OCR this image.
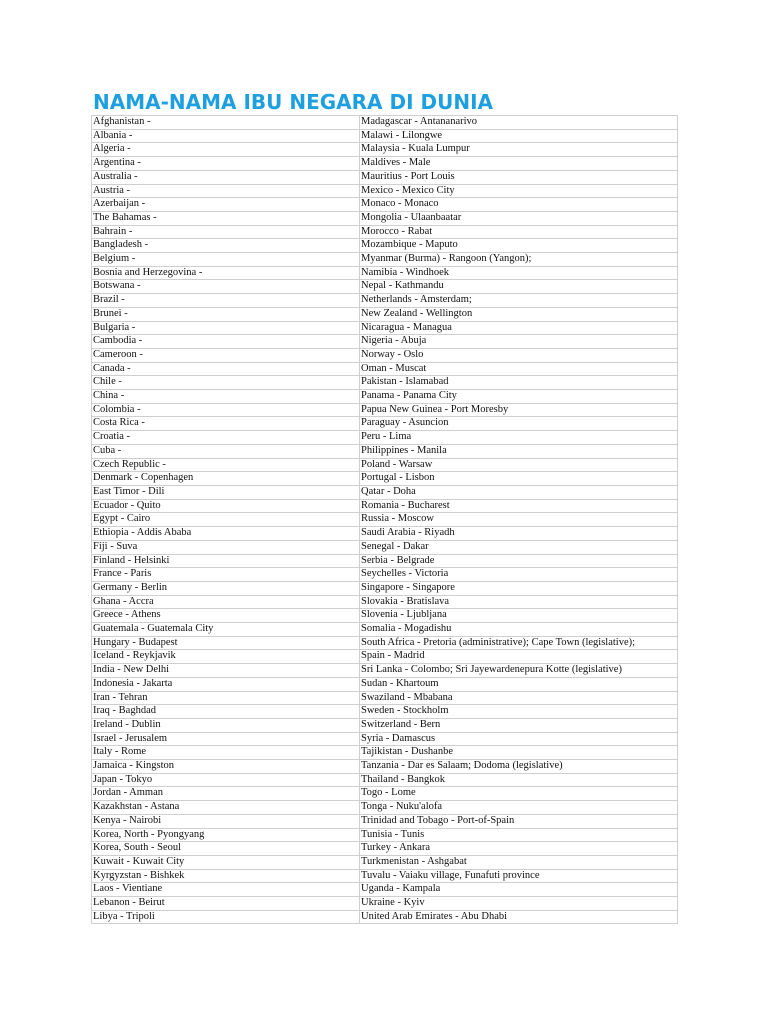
NAMA-NAMA IBU NEGARA DI DUNIA
Afghanistan -	Madagascar - Antananarivo
Albania -	Malawi - Lilongwe
Algeria -	Malaysia - Kuala Lumpur
Argentina -	Maldives - Male
Australia -	Mauritius - Port Louis
Austria -	Mexico - Mexico City
Azerbaijan -	Monaco - Monaco
The Bahamas -	Mongolia - Ulaanbaatar
Bahrain -	Morocco - Rabat
Bangladesh -	Mozambique - Maputo
Belgium -	Myanmar (Burma) - Rangoon (Yangon);
Bosnia and Herzegovina -	Namibia - Windhoek
Botswana -	Nepal - Kathmandu
Brazil -	Netherlands - Amsterdam;
Brunei -	New Zealand - Wellington
Bulgaria -	Nicaragua - Managua
Cambodia -	Nigeria - Abuja
Cameroon -	Norway - Oslo
Canada -	Oman - Muscat
Chile -	Pakistan - Islamabad
China -	Panama - Panama City
Colombia -	Papua New Guinea - Port Moresby
Costa Rica -	Paraguay - Asuncion
Croatia -	Peru - Lima
Cuba -	Philippines - Manila
Czech Republic -	Poland - Warsaw
Denmark - Copenhagen	Portugal - Lisbon
East Timor - Dili	Qatar - Doha
Ecuador - Quito	Romania - Bucharest
Egypt - Cairo	Russia - Moscow
Ethiopia - Addis Ababa	Saudi Arabia - Riyadh
Fiji - Suva	Senegal - Dakar
Finland - Helsinki	Serbia - Belgrade
France - Paris	Seychelles - Victoria
Germany - Berlin	Singapore - Singapore
Ghana - Accra	Slovakia - Bratislava
Greece - Athens	Slovenia - Ljubljana
Guatemala - Guatemala City	Somalia - Mogadishu
Hungary - Budapest	South Africa - Pretoria (administrative); Cape Town (legislative);
Iceland - Reykjavik	Spain - Madrid
India - New Delhi	Sri Lanka - Colombo; Sri Jayewardenepura Kotte (legislative)
Indonesia - Jakarta	Sudan - Khartoum
Iran - Tehran	Swaziland - Mbabana
Iraq - Baghdad	Sweden - Stockholm
Ireland - Dublin	Switzerland - Bern
Israel - Jerusalem	Syria - Damascus
Italy - Rome	Tajikistan - Dushanbe
Jamaica - Kingston	Tanzania - Dar es Salaam; Dodoma (legislative)
Japan - Tokyo	Thailand - Bangkok
Jordan - Amman	Togo - Lome
Kazakhstan - Astana	Tonga - Nuku'alofa
Kenya - Nairobi	Trinidad and Tobago - Port-of-Spain
Korea, North - Pyongyang	Tunisia - Tunis
Korea, South - Seoul	Turkey - Ankara
Kuwait - Kuwait City	Turkmenistan - Ashgabat
Kyrgyzstan - Bishkek	Tuvalu - Vaiaku village, Funafuti province
Laos - Vientiane	Uganda - Kampala
Lebanon - Beirut	Ukraine - Kyiv
Libya - Tripoli	United Arab Emirates - Abu Dhabi
